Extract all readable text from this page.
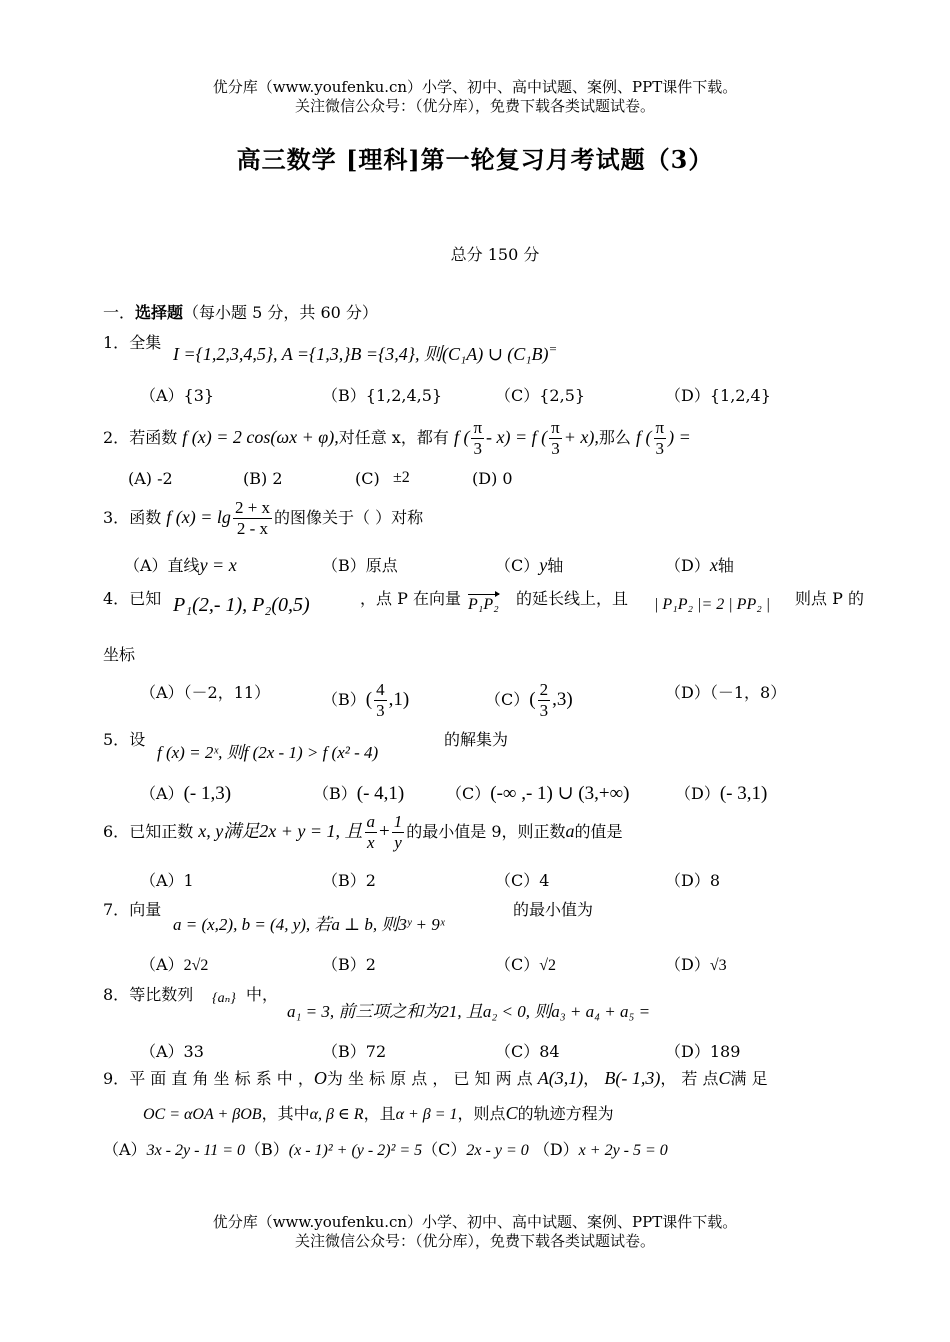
优分库（www.youfenku.cn）小学、初中、高中试题、案例、PPT课件下载。
关注微信公众号：（优分库），免费下载各类试题试卷。
高三数学 [理科]第一轮复习月考试题（3）
总分 150 分
一．选择题（每小题 5 分，共 60 分）
1．全集
I ={1,2,3,4,5}, A ={1,3,}B ={3,4}, 则(C₁A) ∪ (C₁B)=
（A）{3}	（B）{1,2,4,5}	（C）{2,5}	（D）{1,2,4}
2．若函数 f (x) = 2 cos(ωx + φ),对任意 x，都有 f ( $\frac{\pi}{3} - x) = f$ ( $\frac{\pi}{3} + x$),那么 f ( $\frac{\pi}{3}$ ) =
(A) -2	(B) 2	(C) ±2	(D) 0
3．函数 f $(x) = \lg \frac{2 + x}{2 - x}$ 的图像关于（ ）对称
（A）直线y = x	（B）原点	（C）y轴	（D）x轴
4．已知 P₁(2,- 1), P₂(0,5)	，点 P 在向量 P₁P₂ 的延长线上，且 | P₁P₂ |= 2 | PP₂ | 则点 P 的
坐标
（A）（－2，11）	$(B)( \frac{4}{3} ,1)$	$(C)( \frac{2}{3} ,3)$	（D）（－1，8）
5．设
f (x) = 2ˣ, 则f (2x - 1) > f (x² - 4)
的解集为
（A）(- 1,3)	（B）(- 4,1)	（C）(-∞ ,- 1) ∪ (3,+∞)	（D）(- 3,1)
6．已知正数 x, y满足2x + y = 1, 且 $\frac{a}{x} + \frac{1}{y}$ 的最小值是 9，则正数a的值是
（A）1	（B）2	（C）4	（D）8
7．向量
a = (x,2), b = (4, y), 若a ⊥ b, 则3ʸ + 9ˣ
的最小值为
（A）2√2	（B）2	（C）√2	（D）√3
8．等比数列 {aₙ} 中，
a₁ = 3, 前三项之和为21, 且a₂ < 0, 则a₃ + a₄ + a₅ =
（A）33	（B）72	（C）84	（D）189
9．平 面 直 角 坐 标 系 中 ，O为 坐 标 原 点 ， 已 知 两 点 A(3,1)， B(- 1,3)， 若 点C满 足
OC = αOA + βOB，其中α, β ∈ R，且α + β = 1，则点C的轨迹方程为
（A）3x - 2y - 11 = 0（B）(x - 1)² + (y - 2)² = 5（C）2x - y = 0 （D）x + 2y - 5 = 0
优分库（www.youfenku.cn）小学、初中、高中试题、案例、PPT课件下载。
关注微信公众号：（优分库），免费下载各类试题试卷。
